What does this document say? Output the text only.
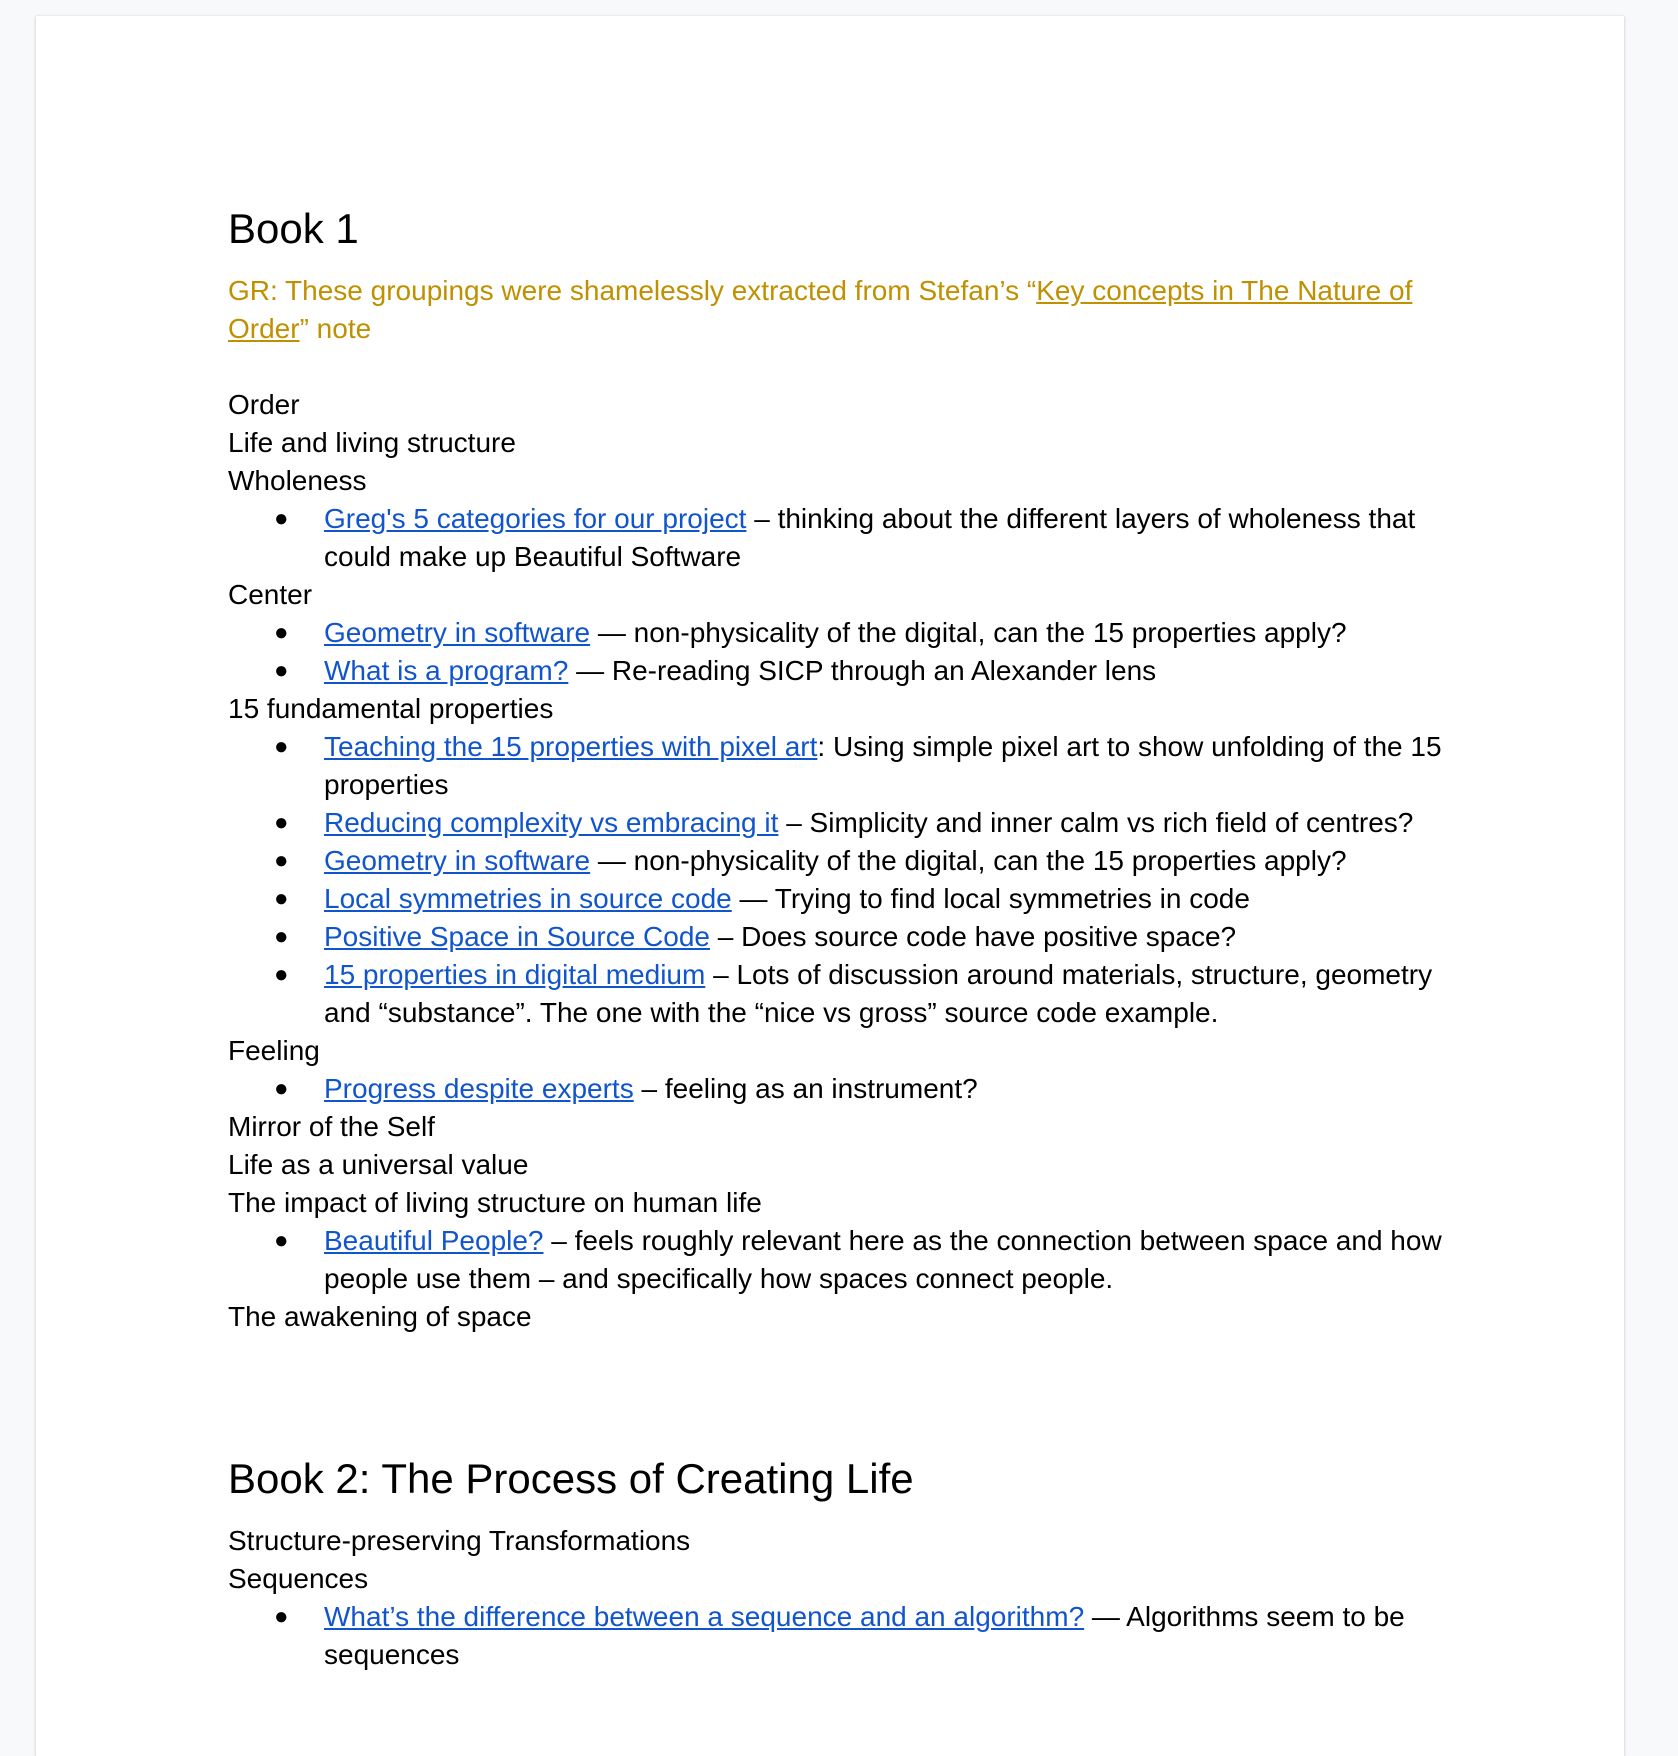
Book 1

GR: These groupings were shamelessly extracted from Stefan’s “Key concepts in The Nature of Order” note

Order

Life and living structure

Wholeness

● Greg's 5 categories for our project – thinking about the different layers of wholeness that could make up Beautiful Software

Center

● Geometry in software — non-physicality of the digital, can the 15 properties apply?
● What is a program? — Re-reading SICP through an Alexander lens

15 fundamental properties

● Teaching the 15 properties with pixel art: Using simple pixel art to show unfolding of the 15 properties
● Reducing complexity vs embracing it – Simplicity and inner calm vs rich field of centres?
● Geometry in software — non-physicality of the digital, can the 15 properties apply?
● Local symmetries in source code — Trying to find local symmetries in code
● Positive Space in Source Code – Does source code have positive space?
● 15 properties in digital medium – Lots of discussion around materials, structure, geometry and “substance”. The one with the “nice vs gross” source code example.

Feeling

● Progress despite experts – feeling as an instrument?

Mirror of the Self

Life as a universal value

The impact of living structure on human life

● Beautiful People? – feels roughly relevant here as the connection between space and how people use them – and specifically how spaces connect people.

The awakening of space

Book 2: The Process of Creating Life

Structure-preserving Transformations

Sequences

● What’s the difference between a sequence and an algorithm? — Algorithms seem to be sequences
